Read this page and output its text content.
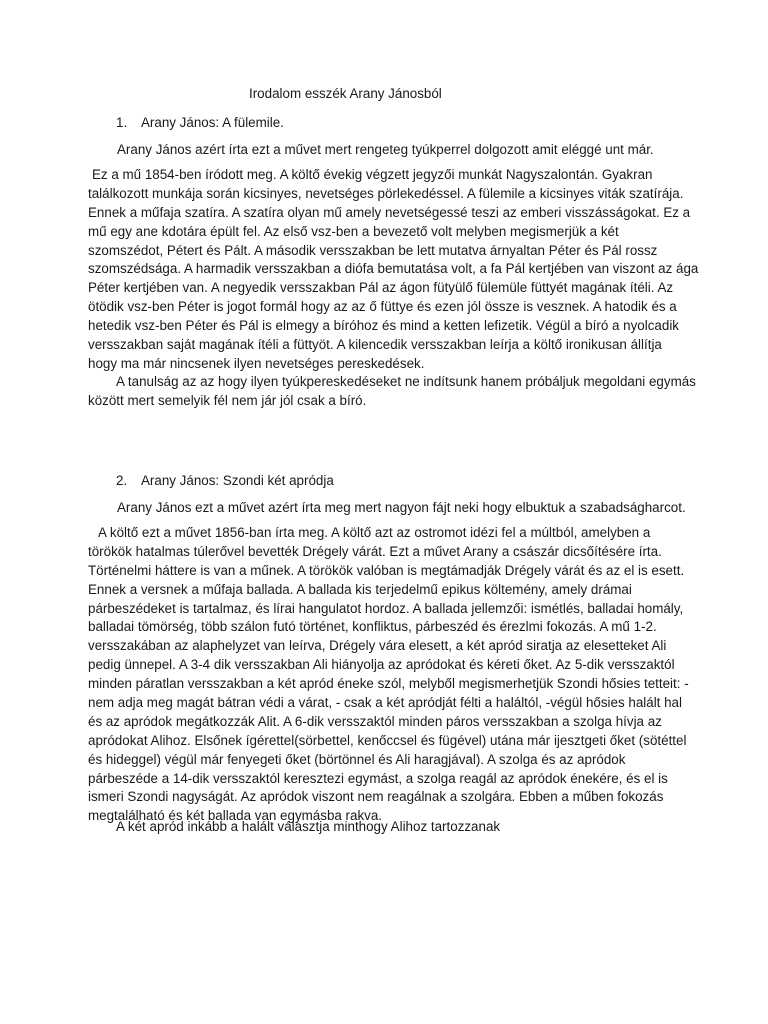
Irodalom esszék Arany Jánosból
1. Arany János: A fülemile.
Arany János azért írta ezt a művet mert rengeteg tyúkperrel dolgozott amit eléggé unt már.
Ez a mű 1854-ben íródott meg. A költő évekig végzett jegyzői munkát Nagyszalontán. Gyakran
találkozott munkája során kicsinyes, nevetséges pörlekedéssel. A fülemile a kicsinyes viták szatírája.
Ennek a műfaja szatíra. A szatíra olyan mű amely nevetségessé teszi az emberi visszásságokat. Ez a
mű egy ane kdotára épült fel. Az első vsz-ben a bevezető volt melyben megismerjük a két
szomszédot, Pétert és Pált. A második versszakban be lett mutatva árnyaltan Péter és Pál rossz
szomszédsága. A harmadik versszakban a diófa bemutatása volt, a fa Pál kertjében van viszont az ága
Péter kertjében van. A negyedik versszakban Pál az ágon fütyülő fülemüle füttyét magának ítéli. Az
ötödik vsz-ben Péter is jogot formál hogy az az ő füttye és ezen jól össze is vesznek. A hatodik és a
hetedik vsz-ben Péter és Pál is elmegy a bíróhoz és mind a ketten lefizetik. Végül a bíró a nyolcadik
versszakban saját magának ítéli a füttyöt. A kilencedik versszakban leírja a költő ironikusan állítja
hogy ma már nincsenek ilyen nevetséges pereskedések.
A tanulság az az hogy ilyen tyúkpereskedéseket ne indítsunk hanem próbáljuk megoldani egymás
között mert semelyik fél nem jár jól csak a bíró.
2. Arany János: Szondi két apródja
Arany János ezt a művet azért írta meg mert nagyon fájt neki hogy elbuktuk a szabadságharcot.
A költő ezt a művet 1856-ban írta meg. A költő azt az ostromot idézi fel a múltból, amelyben a
törökök hatalmas túlerővel bevették Drégely várát. Ezt a művet Arany a császár dicsőítésére írta.
Történelmi háttere is van a műnek. A törökök valóban is megtámadják Drégely várát és az el is esett.
Ennek a versnek a műfaja ballada. A ballada kis terjedelmű epikus költemény, amely drámai
párbeszédeket is tartalmaz, és lírai hangulatot hordoz. A ballada jellemzői: ismétlés, balladai homály,
balladai tömörség, több szálon futó történet, konfliktus, párbeszéd és érezlmi fokozás. A mű 1-2.
versszakában az alaphelyzet van leírva, Drégely vára elesett, a két apród siratja az elesetteket Ali
pedig ünnepel. A 3-4 dik versszakban Ali hiányolja az apródokat és kéreti őket. Az 5-dik versszaktól
minden páratlan versszakban a két apród éneke szól, melyből megismerhetjük Szondi hősies tetteit: -
nem adja meg magát bátran védi a várat, - csak a két apródját félti a haláltól, -végül hősies halált hal
és az apródok megátkozzák Alit. A 6-dik versszaktól minden páros versszakban a szolga hívja az
apródokat Alihoz. Elsőnek ígérettel(sörbettel, kenőccsel és fügével) utána már ijesztgeti őket (sötéttel
és hideggel) végül már fenyegeti őket (börtönnel és Ali haragjával). A szolga és az apródok
párbeszéde a 14-dik versszaktól keresztezi egymást, a szolga reagál az apródok énekére, és el is
ismeri Szondi nagyságát. Az apródok viszont nem reagálnak a szolgára. Ebben a műben fokozás
megtalálható és két ballada van egymásba rakva.
A két apród inkább a halált választja minthogy Alihoz tartozzanak
